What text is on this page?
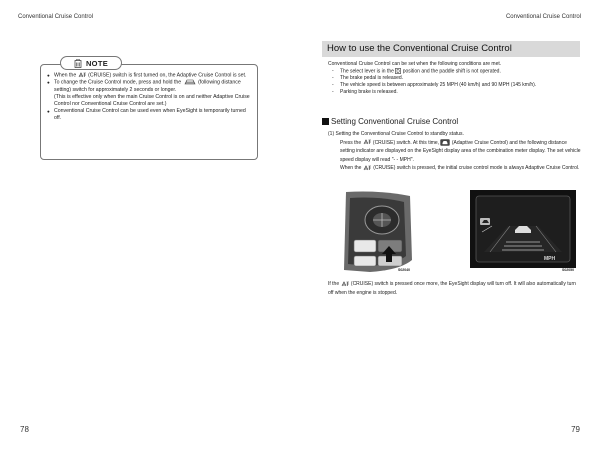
Conventional Cruise Control
● When the (CRUISE) switch is first turned on, the Adaptive Cruise Control is set.
● To change the Cruise Control mode, press and hold the	(following distance setting) switch for approximately 2 seconds or longer.
(This is effective only when the main Cruise Control is on and neither Adaptive Cruise Control nor Conventional Cruise Control are set.)
● Conventional Cruise Control can be used even when EyeSight is temporarily turned off.
NOTE
78
Conventional Cruise Control
How to use the Conventional Cruise Control
Conventional Cruise Control can be set when the following conditions are met.
- The select lever is in the position and the paddle shift is not operated.
- The brake pedal is released.
- The vehicle speed is between approximately 25 MPH (40 km/h) and 90 MPH (145 km/h).
- Parking brake is released.
Setting Conventional Cruise Control
(1) Setting the Conventional Cruise Control to standby status.
Press the (CRUISE) switch. At this time,	(Adaptive Cruise Control) and the following distance setting indicator are displayed on the EyeSight display area of the combination meter display. The set vehicle speed display will read "- - MPH".
When the (CRUISE) switch is pressed, the initial cruise control mode is always Adaptive Cruise Control.
S02040
MPH
S02050
If the (CRUISE) switch is pressed once more, the EyeSight display will turn off. It will also automatically turn off when the engine is stopped.
79
